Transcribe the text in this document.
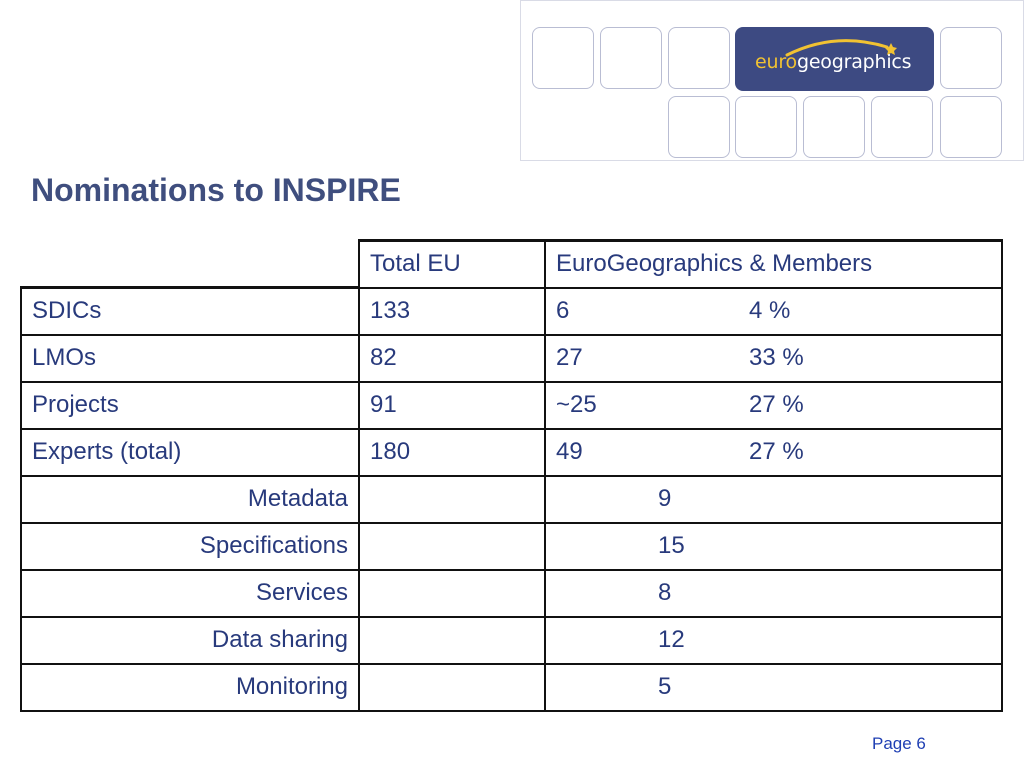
eurogeographics
Nominations to INSPIRE
	Total EU	EuroGeographics & Members
SDICs	133	6 4 %
LMOs	82	27 33 %
Projects	91	~25 27 %
Experts (total)	180	49 27 %
Metadata		9
Specifications		15
Services		8
Data sharing		12
Monitoring		5
Page 6
